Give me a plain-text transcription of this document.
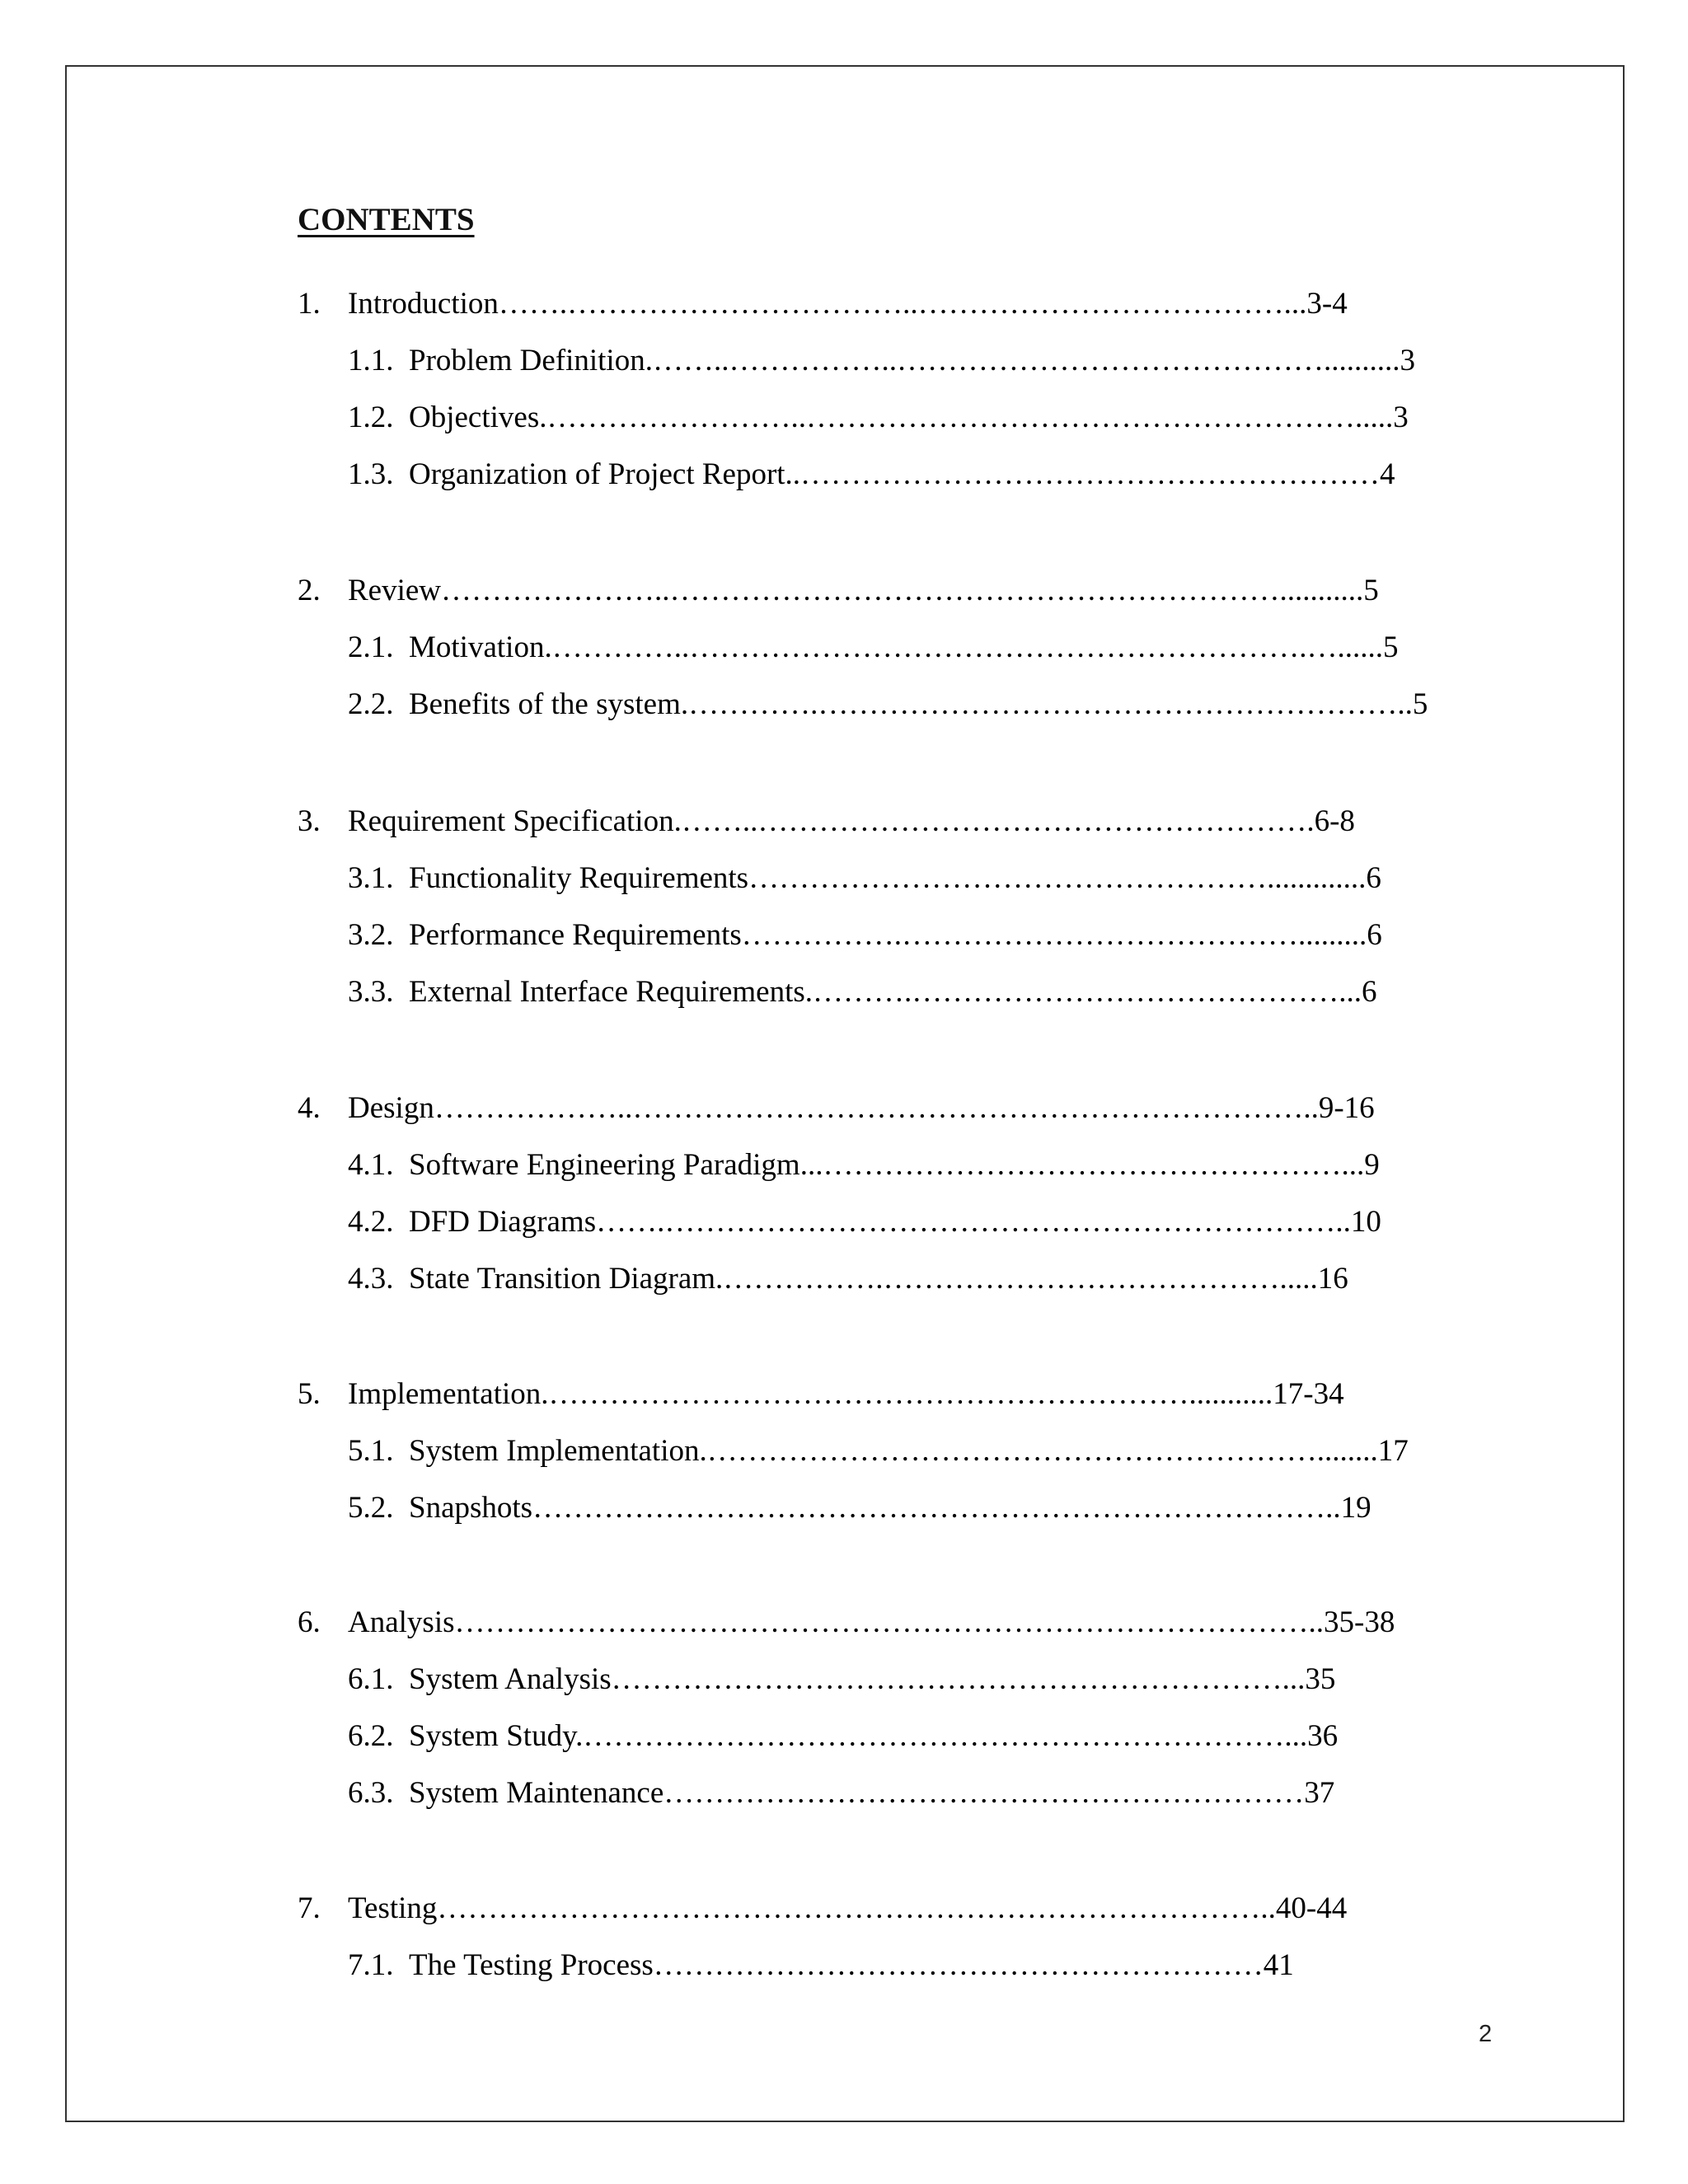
CONTENTS
1. Introduction…….……………………………..………………………………...3-4
1.1. Problem Definition.……..……………..……………………………………..........3
1.2. Objectives.……………………..……………………………………………….....3
1.3. Organization of Project Report..…………………………………………………4
2. Review…………………..……………………………………………………...........5
2.1. Motivation.…………..…………………………………………………….…......5
2.2. Benefits of the system.………….…………………………………………………..5
3. Requirement Specification.……..……………………………………………….6-8
3.1. Functionality Requirements…………………………………………….............6
3.2. Performance Requirements…………….………………………………….........6
3.3. External Interface Requirements.……….……………………………………...6
4. Design………………..…………………………………………………………..9-16
4.1. Software Engineering Paradigm...……………………………………………...9
4.2. DFD Diagrams…….…………………………………………………………..10
4.3. State Transition Diagram.…………….………………………………….....16
5. Implementation.………………………………………………………...........17-34
5.1. System Implementation.……………………………………………………........17
5.2. Snapshots……………………………………………………………………..19
6. Analysis…………………………………………………………………………..35-38
6.1. System Analysis…………………………………………………………...35
6.2. System Study.……………………………………………………………...36
6.3. System Maintenance………………………………………………………37
7. Testing………………………………………………………………………..40-44
7.1. The Testing Process……………………………………………………41
2
